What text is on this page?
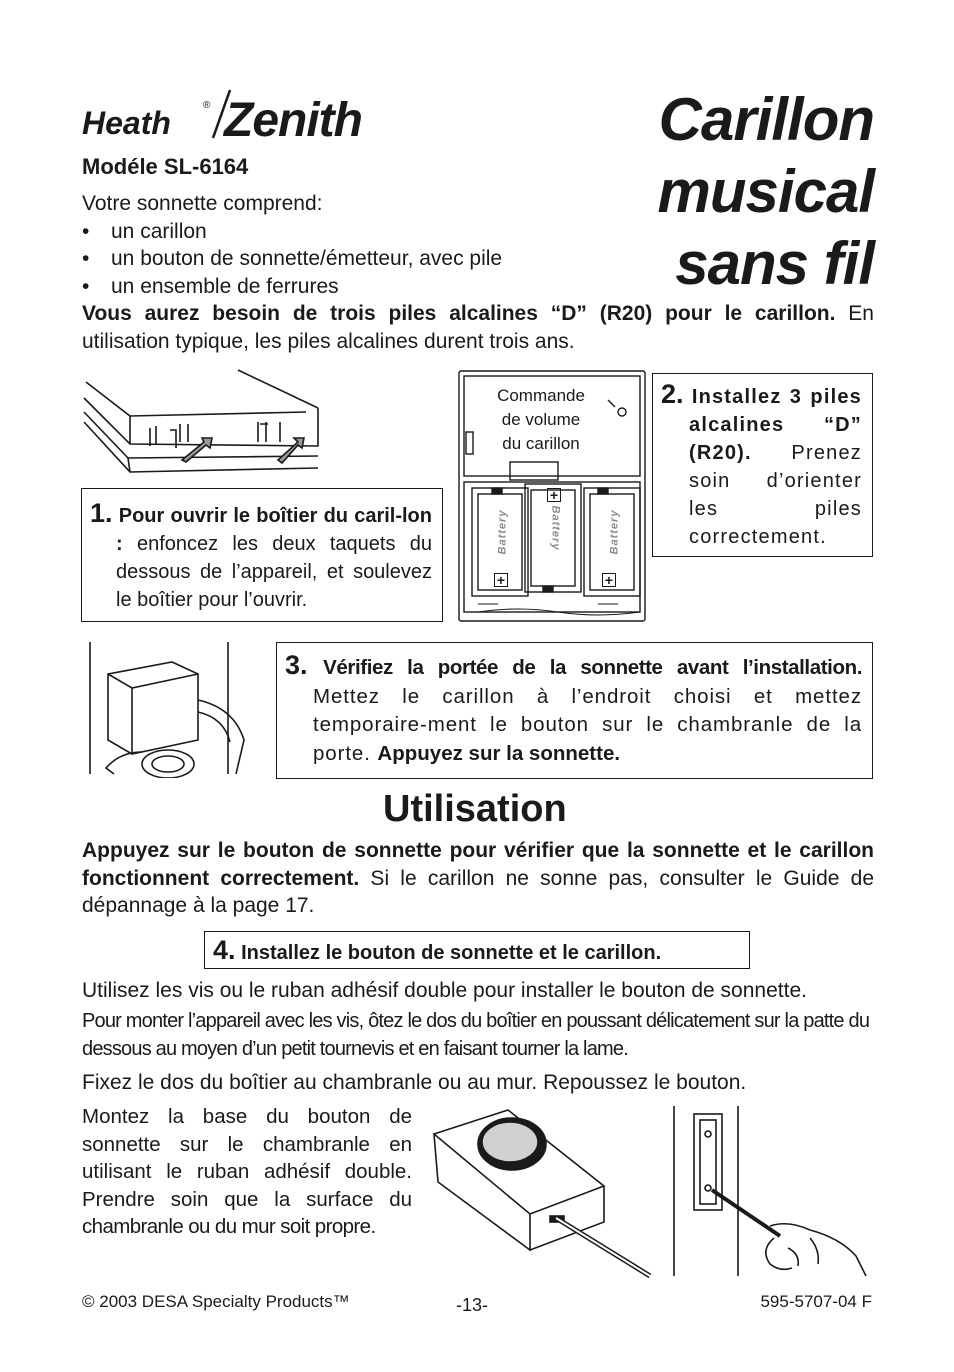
Heath	® Zenith	Carillon
musical
sans fil
Modéle SL-6164
Votre sonnette comprend:
• un carillon
• un bouton de sonnette/émetteur, avec pile
• un ensemble de ferrures
Vous aurez besoin de trois piles alcalines “D” (R20) pour le carillon. En utilisation typique, les piles alcalines durent trois ans.
1. Pour ouvrir le boîtier du caril-lon : enfoncez les deux taquets du dessous de l’appareil, et soulevez le boîtier pour l’ouvrir.
Commande
de volume
du carillon
Battery	Battery	Battery
+
+
+
2. Installez 3 piles alcalines “D” (R20). Prenez soin d’orienter les piles correctement.
3. Vérifiez la portée de la sonnette avant l’installation. Mettez le carillon à l’endroit choisi et mettez temporaire-ment le bouton sur le chambranle de la porte. Appuyez sur la sonnette.
Utilisation
Appuyez sur le bouton de sonnette pour vérifier que la sonnette et le carillon fonctionnent correctement. Si le carillon ne sonne pas, consulter le Guide de dépannage à la page 17.
4. Installez le bouton de sonnette et le carillon.
Utilisez les vis ou le ruban adhésif double pour installer le bouton de sonnette.
Pour monter l’appareil avec les vis, ôtez le dos du boîtier en poussant délicatement sur la patte du dessous au moyen d’un petit tournevis et en faisant tourner la lame.
Fixez le dos du boîtier au chambranle ou au mur. Repoussez le bouton.
Montez la base du bouton de sonnette sur le chambranle en utilisant le ruban adhésif double. Prendre soin que la surface du chambranle ou du mur soit propre.
© 2003 DESA Specialty Products™	-13-	595-5707-04 F
